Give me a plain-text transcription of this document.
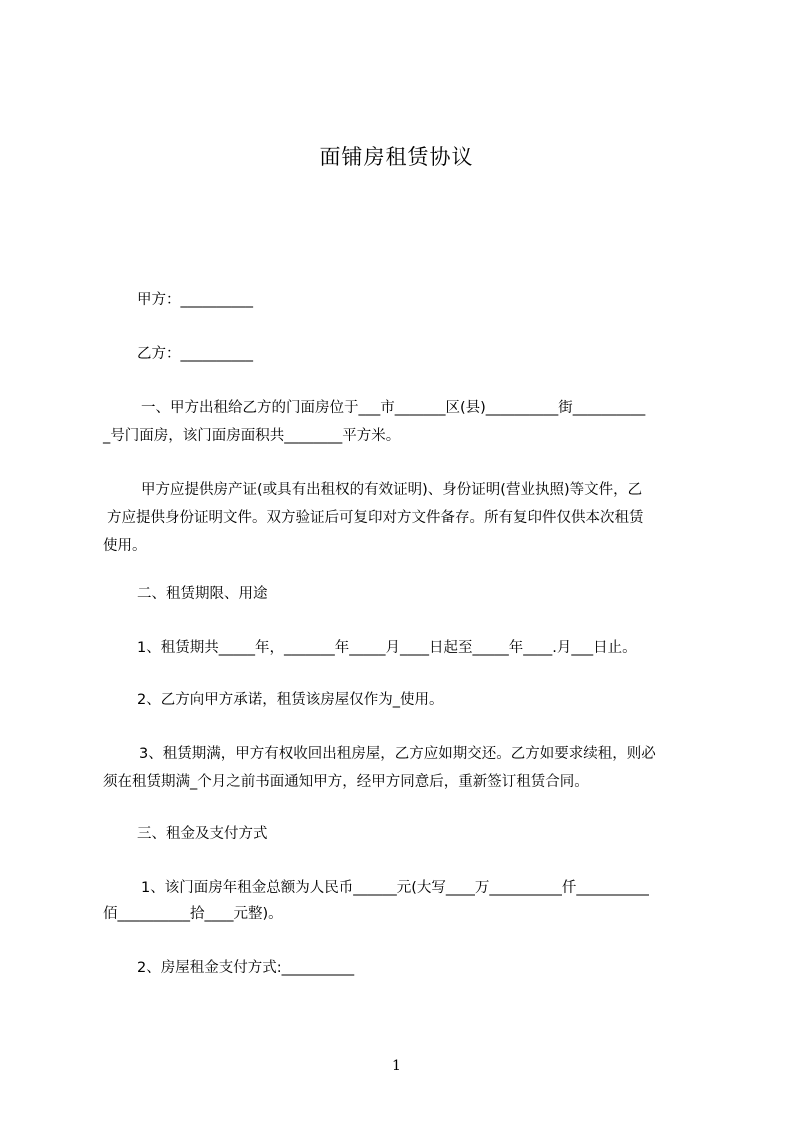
面铺房租赁协议
甲方：__________
乙方：__________
一、甲方出租给乙方的门面房位于___市_______区(县)__________街__________
_号门面房，该门面房面积共________平方米。
甲方应提供房产证(或具有出租权的有效证明)、身份证明(营业执照)等文件，乙
方应提供身份证明文件。双方验证后可复印对方文件备存。所有复印件仅供本次租赁
使用。
二、租赁期限、用途
1、租赁期共_____年，_______年_____月____日起至_____年____.月___日止。
2、乙方向甲方承诺，租赁该房屋仅作为_使用。
3、租赁期满，甲方有权收回出租房屋，乙方应如期交还。乙方如要求续租，则必
须在租赁期满_个月之前书面通知甲方，经甲方同意后，重新签订租赁合同。
三、租金及支付方式
1、该门面房年租金总额为人民币______元(大写____万__________仟__________
佰__________拾____元整)。
2、房屋租金支付方式:__________
1
